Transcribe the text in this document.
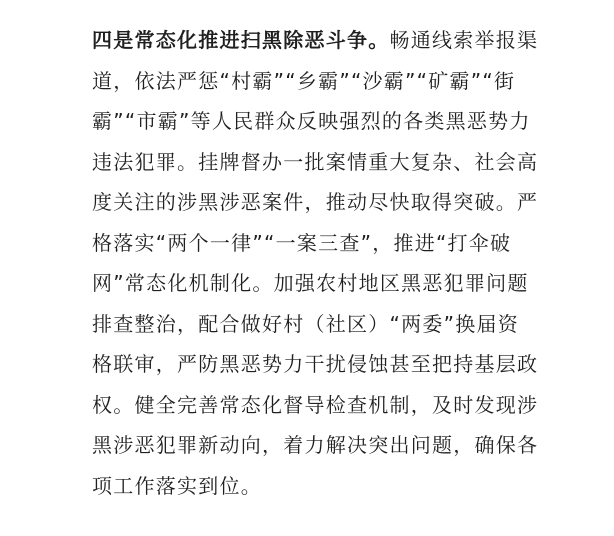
四是常态化推进扫黑除恶斗争。畅通线索举报渠
道，依法严惩“村霸”“乡霸”“沙霸”“矿霸”“街
霸”“市霸”等人民群众反映强烈的各类黑恶势力
违法犯罪。挂牌督办一批案情重大复杂、社会高
度关注的涉黑涉恶案件，推动尽快取得突破。严
格落实“两个一律”“一案三查”，推进“打伞破
网”常态化机制化。加强农村地区黑恶犯罪问题
排查整治，配合做好村（社区）“两委”换届资
格联审，严防黑恶势力干扰侵蚀甚至把持基层政
权。健全完善常态化督导检查机制，及时发现涉
黑涉恶犯罪新动向，着力解决突出问题，确保各
项工作落实到位。
